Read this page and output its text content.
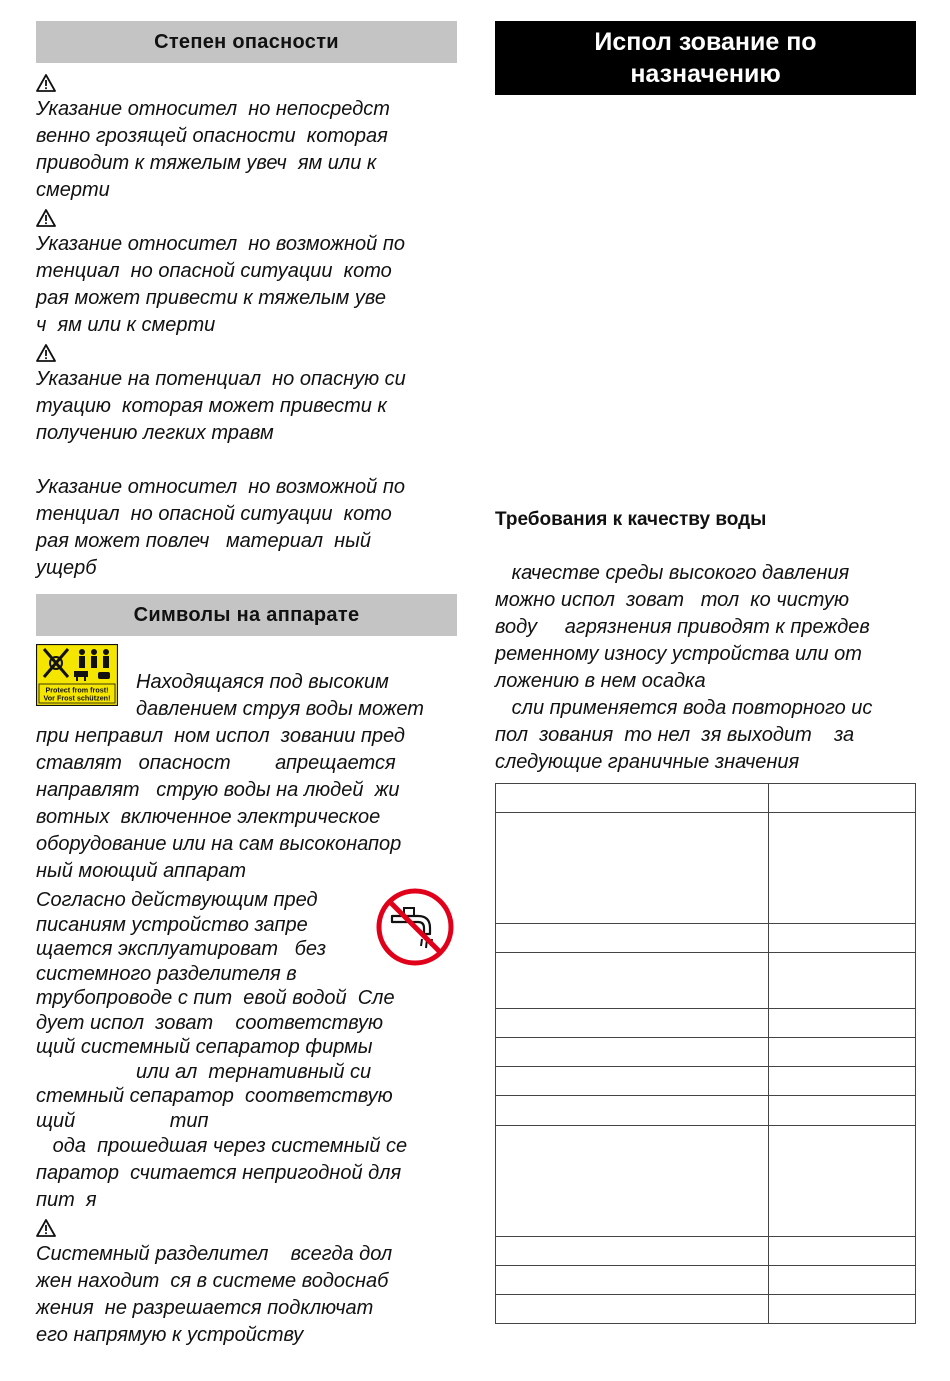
Степен опасности

Указание относител  но непосредст
венно грозящей опасности  которая
приводит к тяжелым увеч  ям или к
смерти

Указание относител  но возможной по
тенциал  но опасной ситуации  кото
рая может привести к тяжелым уве
ч  ям или к смерти

Указание на потенциал  но опасную си
туацию  которая может привести к
получению легких травм

Указание относител  но возможной по
тенциал  но опасной ситуации  кото
рая может повлеч   материал  ный
ущерб

Символы на аппарате

Находящаяся под высоким
давлением струя воды может

при неправил  ном испол  зовании пред
ставлят   опасност        апрещается
направлят   струю воды на людей  жи
вотных  включенное электрическое
оборудование или на сам высоконапор
ный моющий аппарат

Согласно действующим пред
писаниям устройство запре
щается эксплуатироват   без
системного разделителя в
трубопроводе с пит  евой водой  Сле
дует испол  зоват    соответствую
щий системный сепаратор фирмы
или ал  тернативный си
стемный сепаратор  соответствую
щий                 тип

ода  прошедшая через системный се
паратор  считается непригодной для
пит  я

Системный разделител    всегда дол
жен находит  ся в системе водоснаб
жения  не разрешается подключат
его напрямую к устройству

Protect from frost!
Vor Frost schützen!
Испол зование по
назначению

Требования к качеству воды

качестве среды высокого давления
можно испол  зоват   тол  ко чистую
воду     агрязнения приводят к преждев
ременному износу устройства или от
ложению в нем осадка
сли применяется вода повторного ис
пол  зования  то нел  зя выходит    за
следующие граничные значения
